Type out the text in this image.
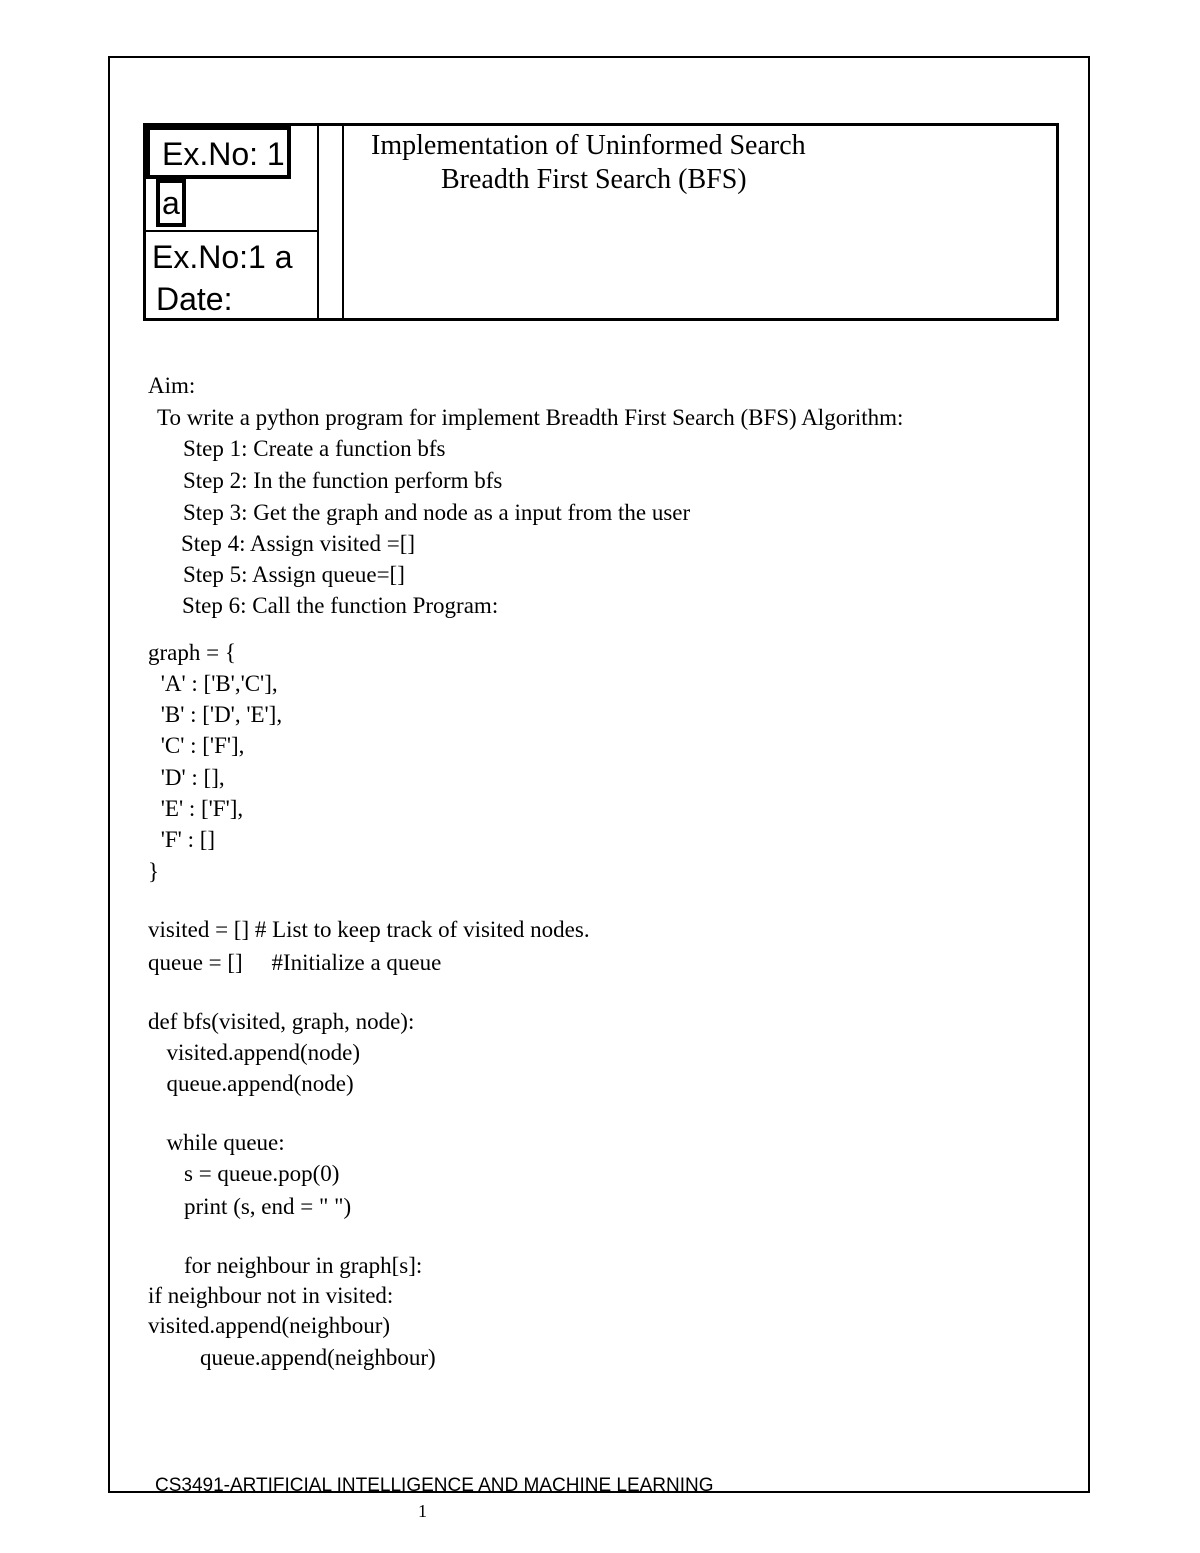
Ex.No: 1
a
Ex.No:1 a
Date:
Implementation of Uninformed Search
Breadth First Search (BFS)
Aim:
To write a python program for implement Breadth First Search (BFS) Algorithm:
Step 1: Create a function bfs
Step 2: In the function perform bfs
Step 3: Get the graph and node as a input from the user
Step 4: Assign visited =[]
Step 5: Assign queue=[]
Step 6: Call the function Program:
graph = {
'A' : ['B','C'],
'B' : ['D', 'E'],
'C' : ['F'],
'D' : [],
'E' : ['F'],
'F' : []
}
visited = [] # List to keep track of visited nodes.
queue = []     #Initialize a queue
def bfs(visited, graph, node):
visited.append(node)
queue.append(node)
while queue:
s = queue.pop(0)
print (s, end = " ")
for neighbour in graph[s]:
if neighbour not in visited:
visited.append(neighbour)
queue.append(neighbour)
CS3491-ARTIFICIAL INTELLIGENCE AND MACHINE LEARNING
1
